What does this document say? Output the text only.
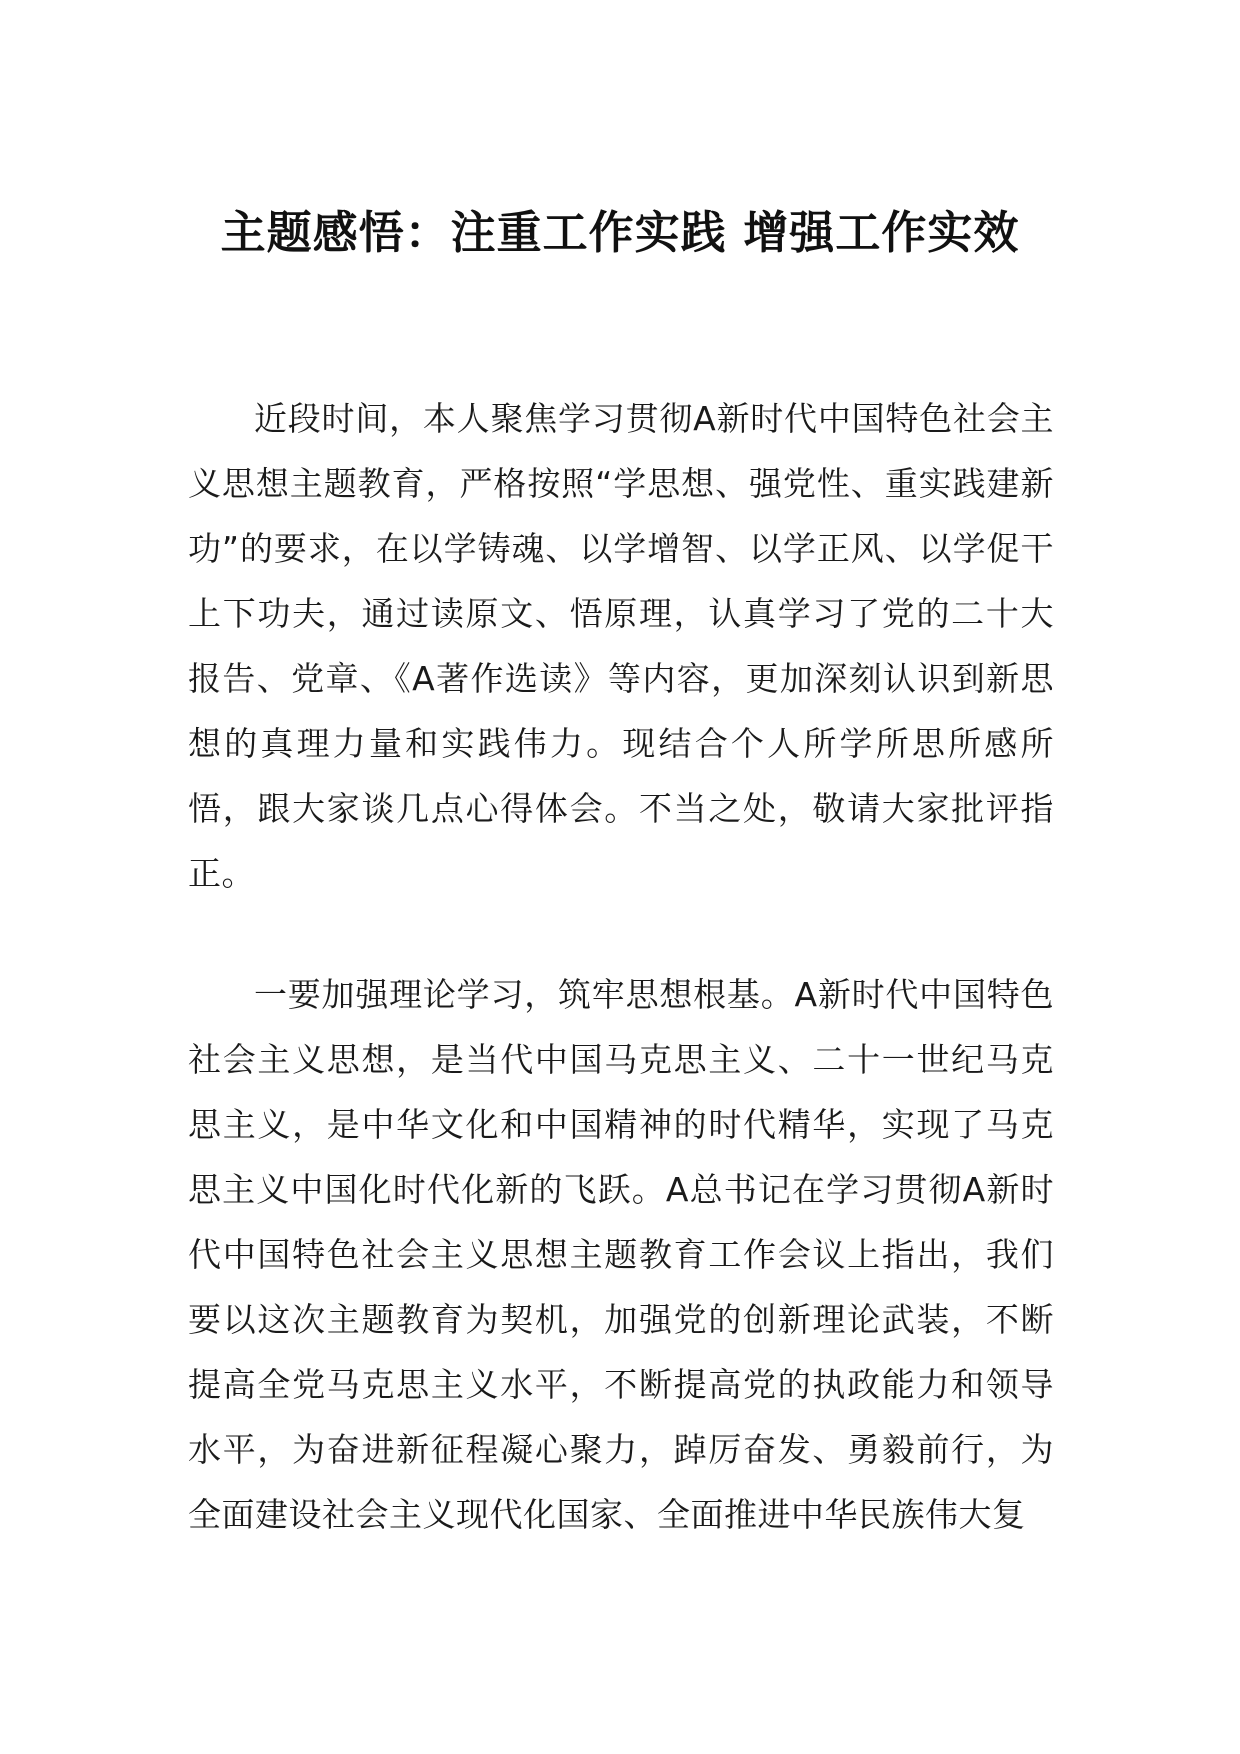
主题感悟：注重工作实践 增强工作实效

近段时间，本人聚焦学习贯彻A新时代中国特色社会主义思想主题教育，严格按照“学思想、强党性、重实践建新功”的要求，在以学铸魂、以学增智、以学正风、以学促干上下功夫，通过读原文、悟原理，认真学习了党的二十大报告、党章、《A著作选读》等内容，更加深刻认识到新思想的真理力量和实践伟力。现结合个人所学所思所感所悟，跟大家谈几点心得体会。不当之处，敬请大家批评指正。

一要加强理论学习，筑牢思想根基。A新时代中国特色社会主义思想，是当代中国马克思主义、二十一世纪马克思主义，是中华文化和中国精神的时代精华，实现了马克思主义中国化时代化新的飞跃。A总书记在学习贯彻A新时代中国特色社会主义思想主题教育工作会议上指出，我们要以这次主题教育为契机，加强党的创新理论武装，不断提高全党马克思主义水平，不断提高党的执政能力和领导水平，为奋进新征程凝心聚力，踔厉奋发、勇毅前行，为全面建设社会主义现代化国家、全面推进中华民族伟大复
